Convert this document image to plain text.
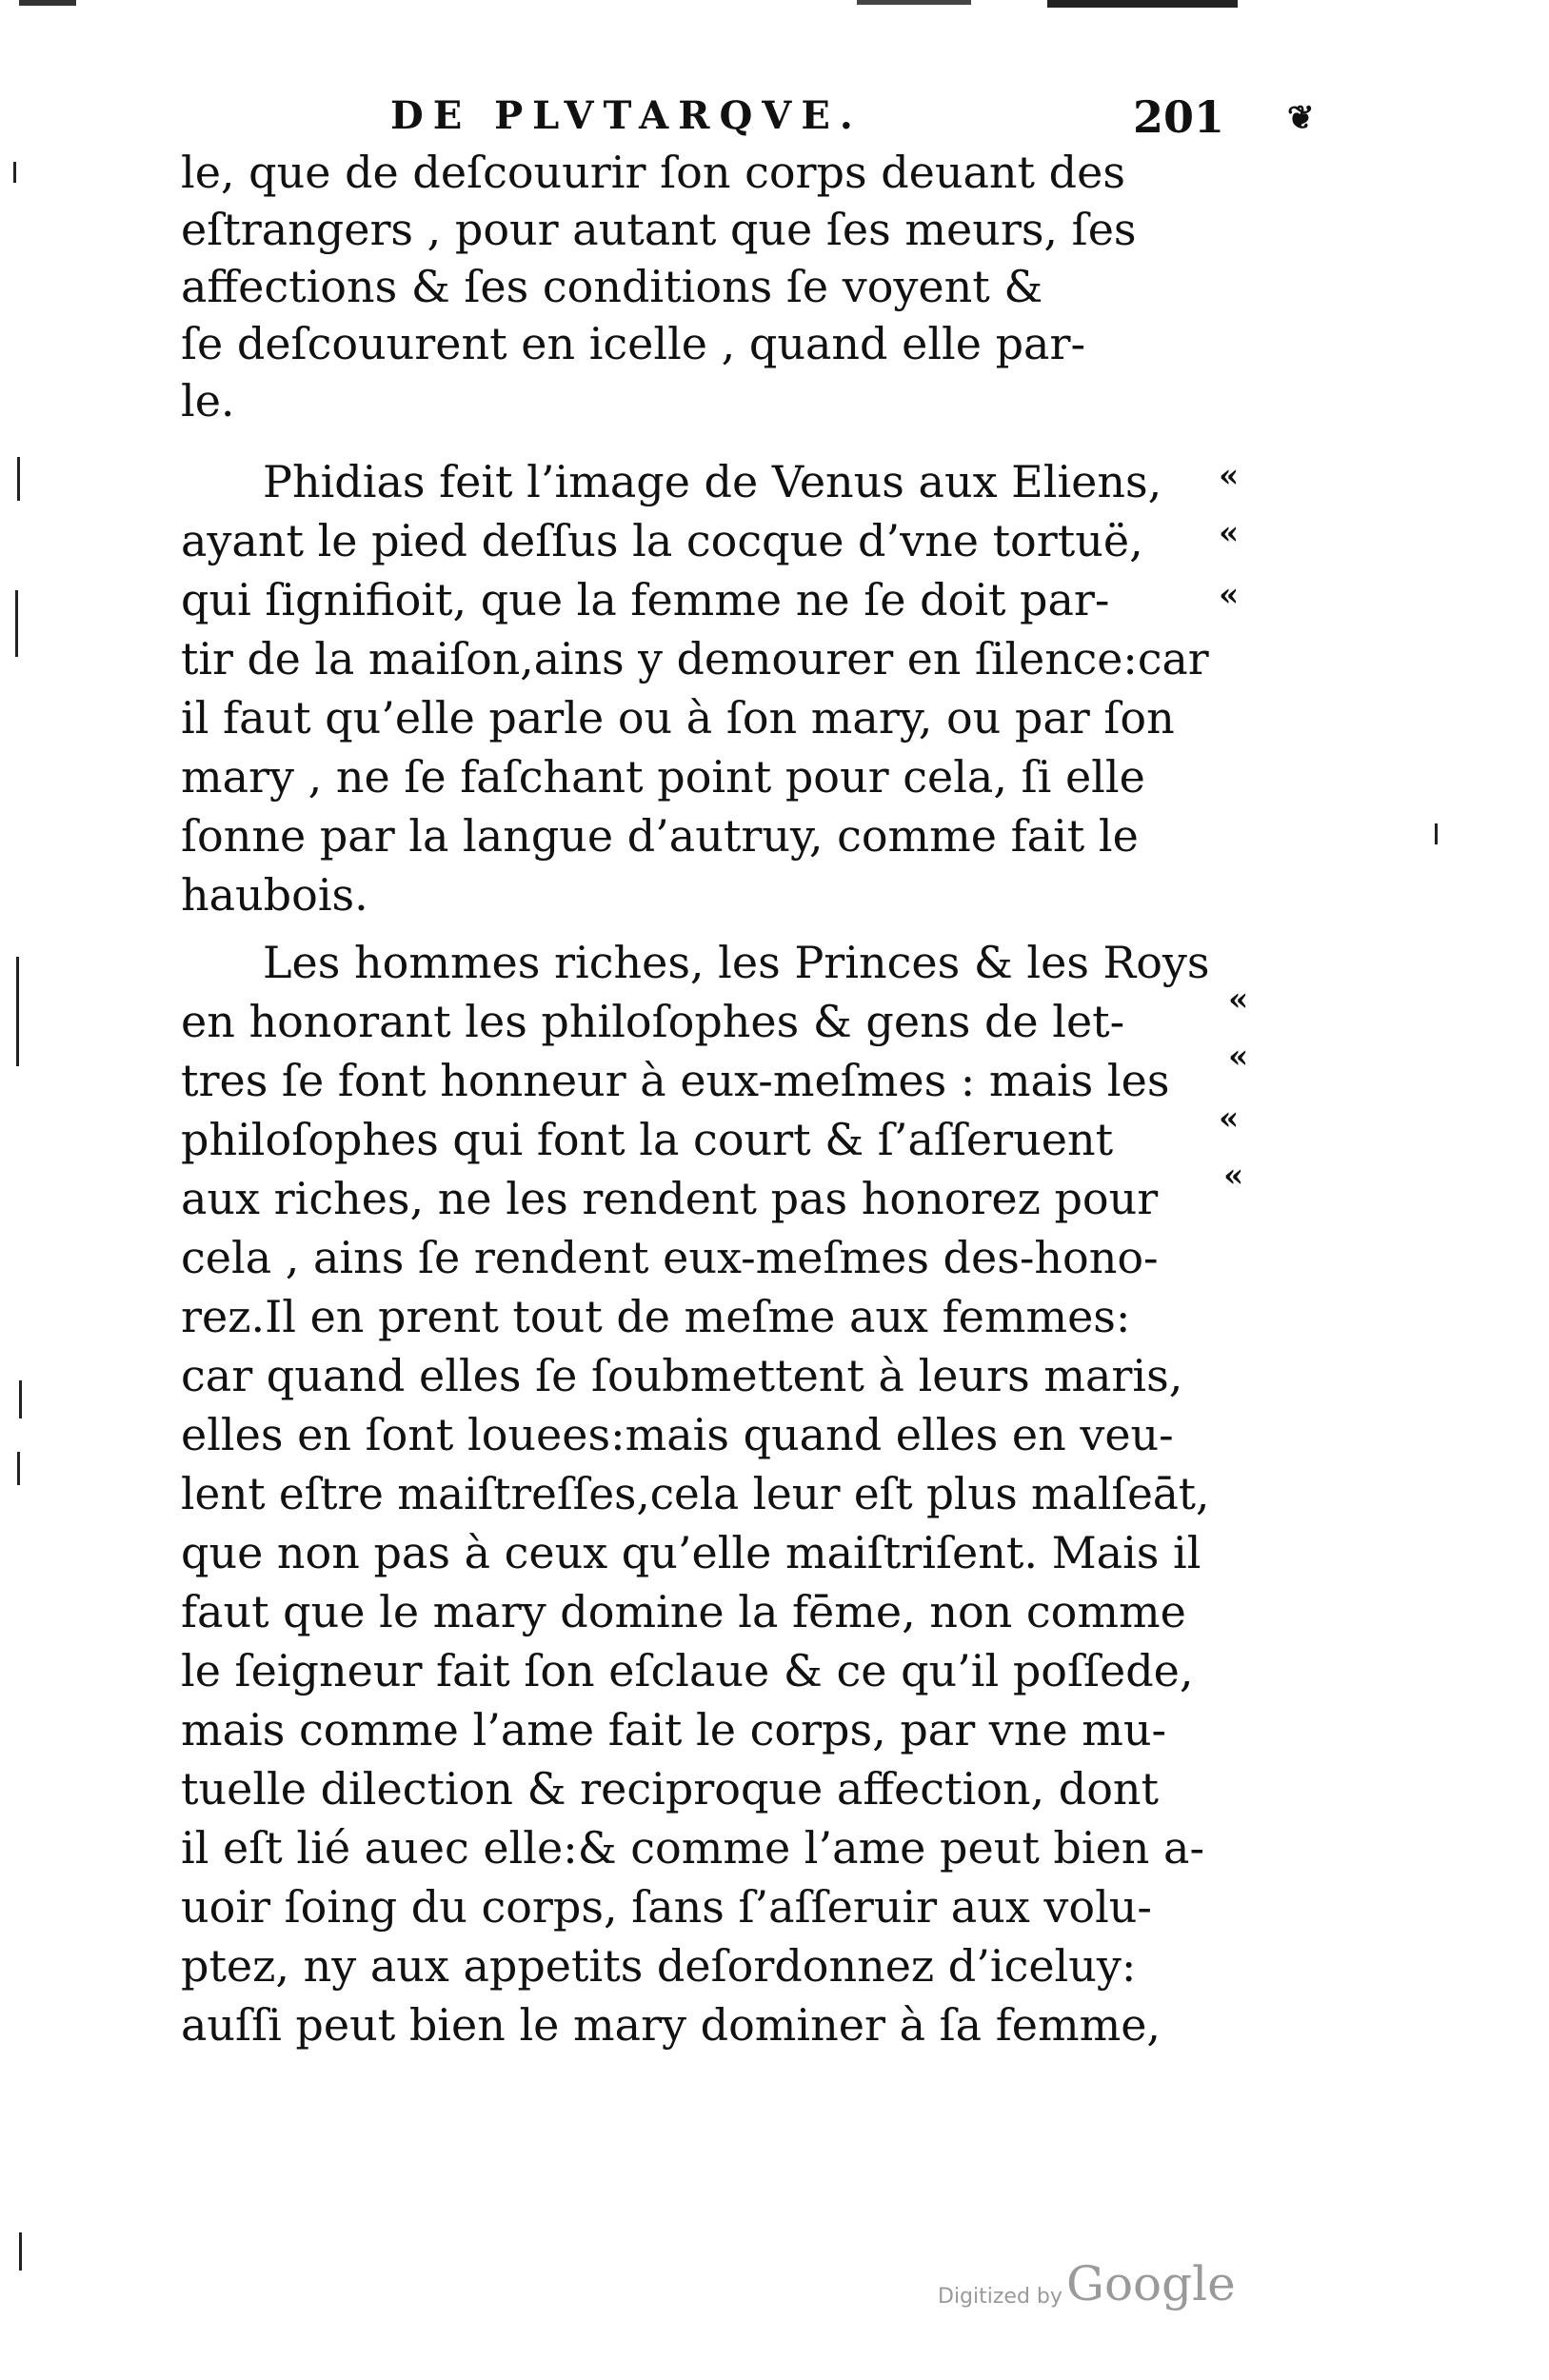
DE PLVTARQVE.	201 ❦
le, que de deſcouurir ſon corps deuant des
eſtrangers , pour autant que ſes meurs, ſes
affections & ſes conditions ſe voyent &
ſe deſcouurent en icelle , quand elle par-
le.
Phidias feit l’image de Venus aux Eliens,
ayant le pied deſſus la cocque d’vne tortuë,
qui ſignifioit, que la femme ne ſe doit par-
tir de la maiſon,ains y demourer en ſilence:car
il faut qu’elle parle ou à ſon mary, ou par ſon
mary , ne ſe faſchant point pour cela, ſi elle
ſonne par la langue d’autruy, comme fait le
haubois.
Les hommes riches, les Princes & les Roys
en honorant les philoſophes & gens de let-
tres ſe font honneur à eux-meſmes : mais les
philoſophes qui font la court & ſ’aſſeruent
aux riches, ne les rendent pas honorez pour
cela , ains ſe rendent eux-meſmes des-hono-
rez.Il en prent tout de meſme aux femmes:
car quand elles ſe ſoubmettent à leurs maris,
elles en ſont louees:mais quand elles en veu-
lent eſtre maiſtreſſes,cela leur eſt plus malſeāt,
que non pas à ceux qu’elle maiſtriſent. Mais il
faut que le mary domine la fēme, non comme
le ſeigneur fait ſon eſclaue & ce qu’il poſſede,
mais comme l’ame fait le corps, par vne mu-
tuelle dilection & reciproque affection, dont
il eſt lié auec elle:& comme l’ame peut bien a-
uoir ſoing du corps, ſans ſ’aſſeruir aux volu-
ptez, ny aux appetits deſordonnez d’iceluy:
auſſi peut bien le mary dominer à ſa femme,
«
«
«
«
«
«
«
Digitized by Google
